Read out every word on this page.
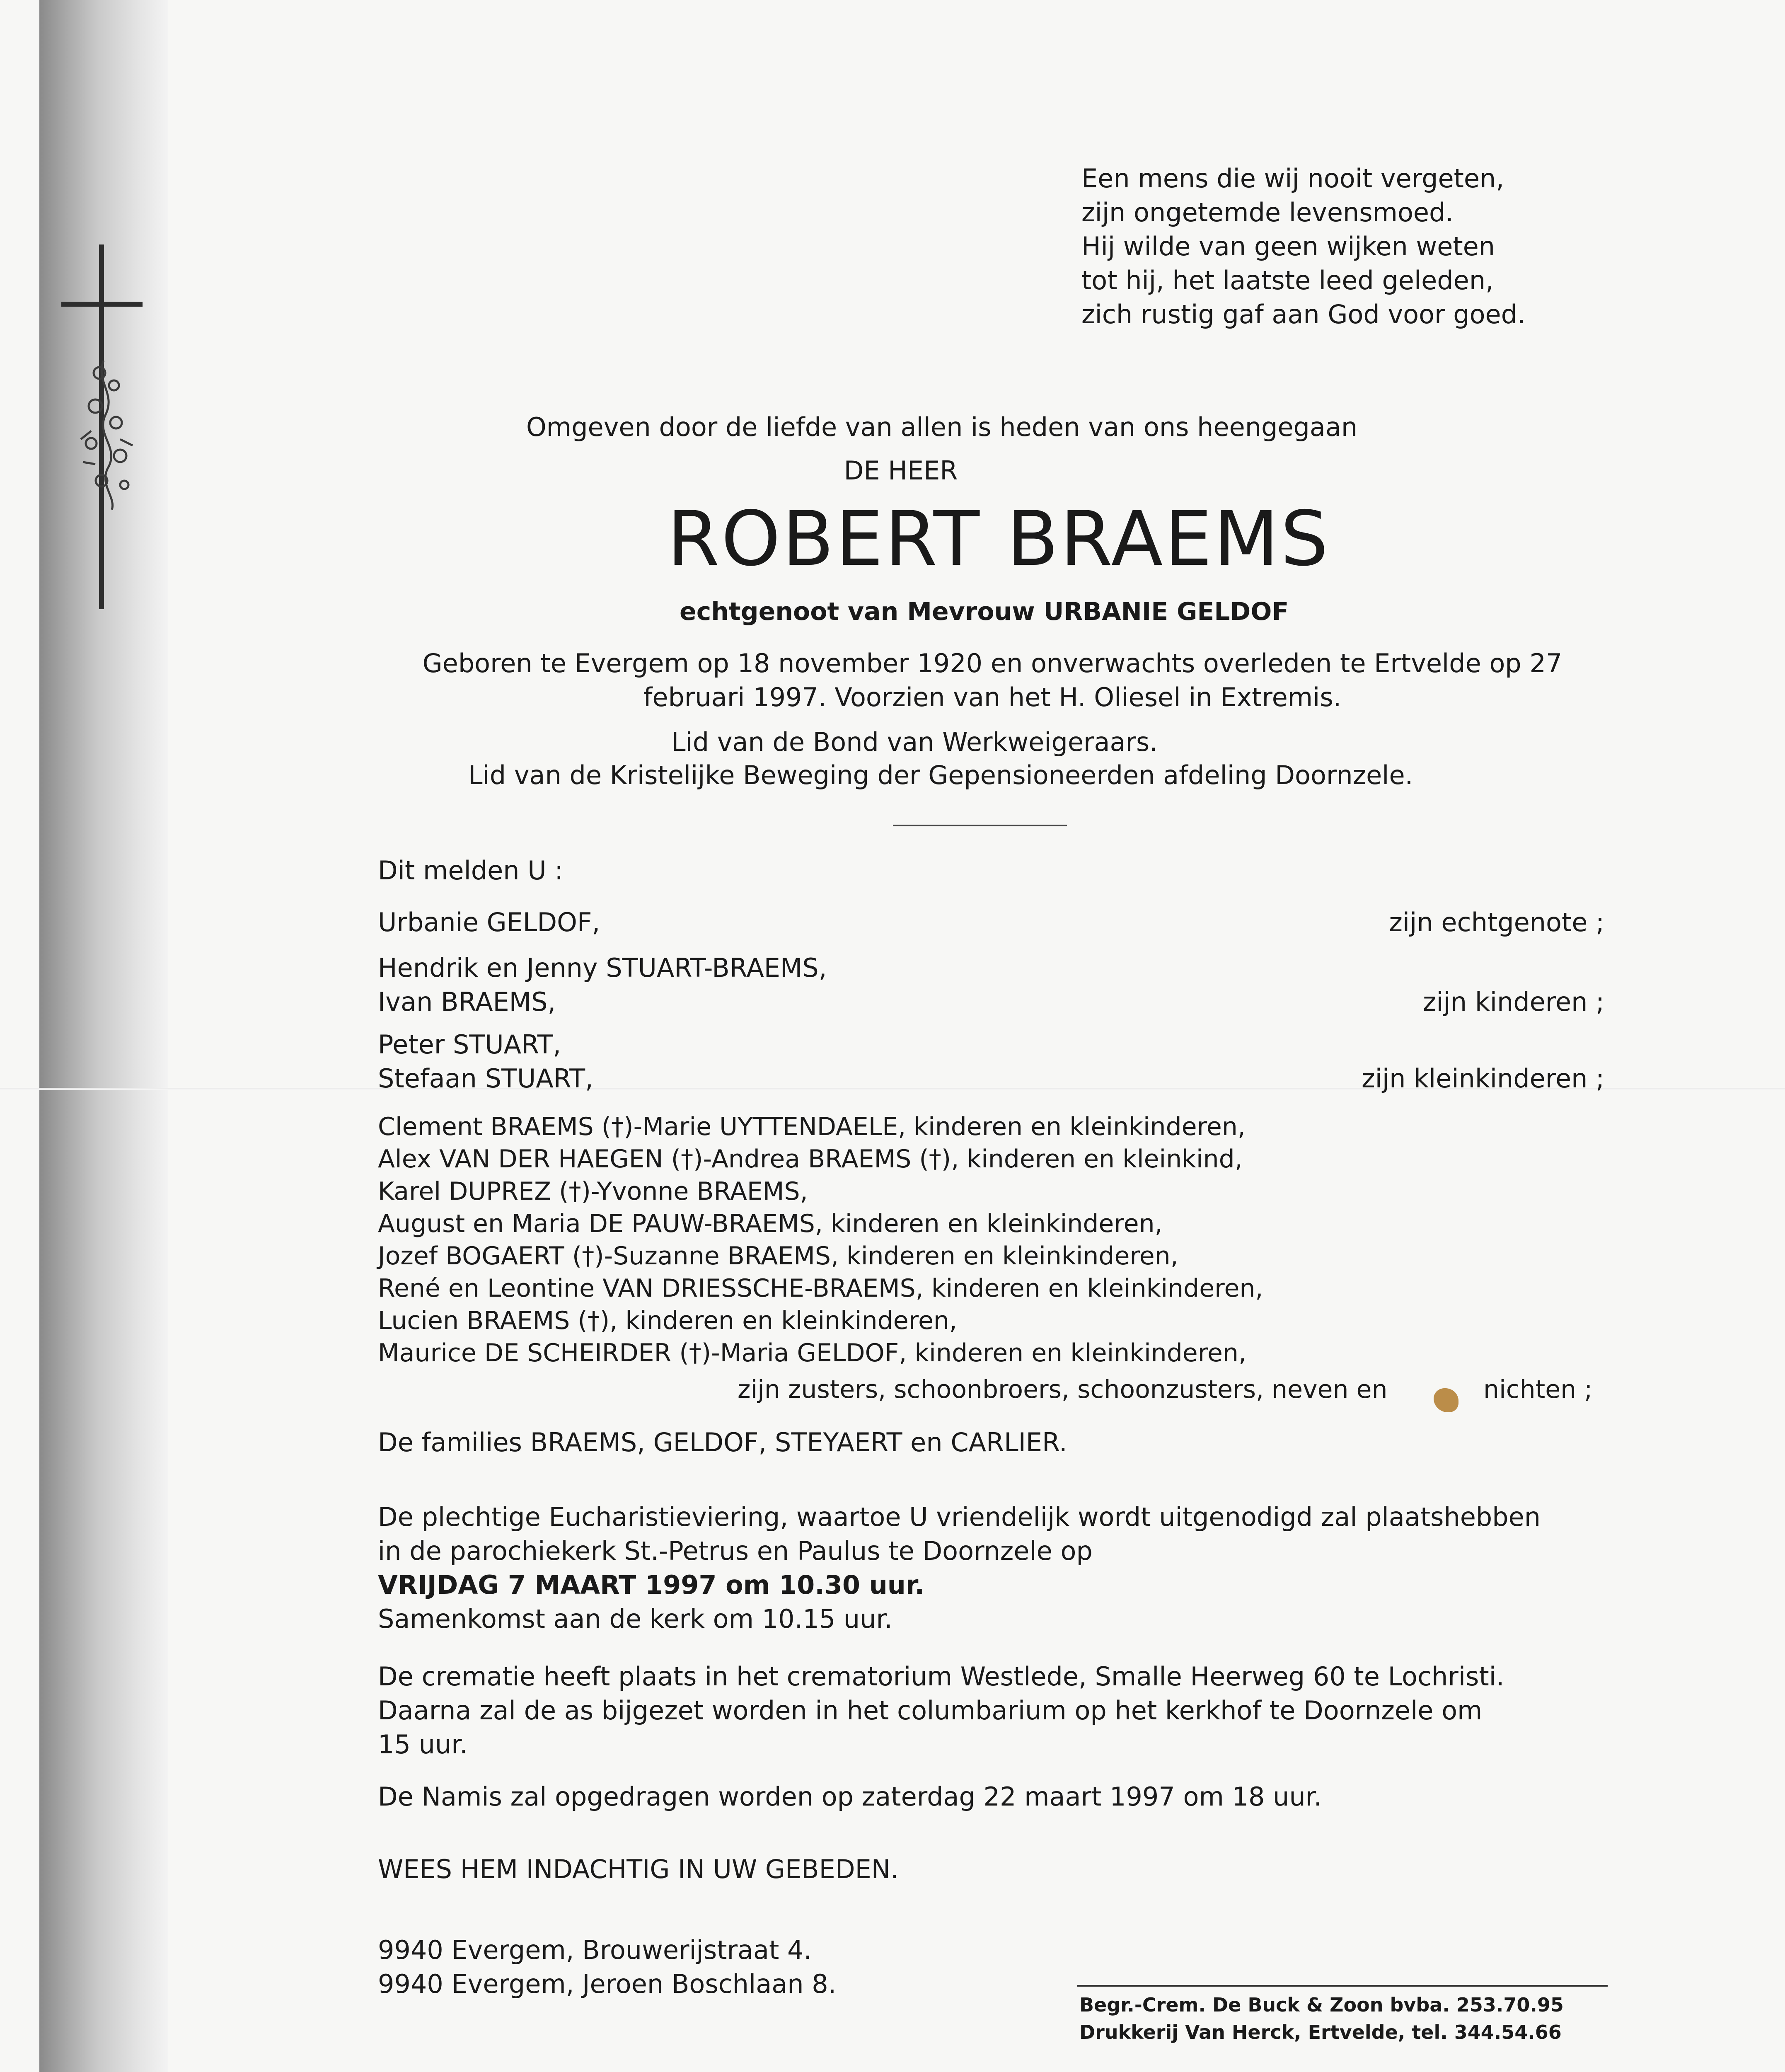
Een mens die wij nooit vergeten,
zijn ongetemde levensmoed.
Hij wilde van geen wijken weten
tot hij, het laatste leed geleden,
zich rustig gaf aan God voor goed.
Omgeven door de liefde van allen is heden van ons heengegaan
DE HEER
ROBERT BRAEMS
echtgenoot van Mevrouw URBANIE GELDOF
Geboren te Evergem op 18 november 1920 en onverwachts overleden te Ertvelde op 27 februari 1997. Voorzien van het H. Oliesel in Extremis.
Lid van de Bond van Werkweigeraars.
Lid van de Kristelijke Beweging der Gepensioneerden afdeling Doornzele.
Dit melden U :
Urbanie GELDOF,	zijn echtgenote ;
Hendrik en Jenny STUART-BRAEMS,
Ivan BRAEMS,	zijn kinderen ;
Peter STUART,
Stefaan STUART,	zijn kleinkinderen ;
Clement BRAEMS (†)-Marie UYTTENDAELE, kinderen en kleinkinderen,
Alex VAN DER HAEGEN (†)-Andrea BRAEMS (†), kinderen en kleinkind,
Karel DUPREZ (†)-Yvonne BRAEMS,
August en Maria DE PAUW-BRAEMS, kinderen en kleinkinderen,
Jozef BOGAERT (†)-Suzanne BRAEMS, kinderen en kleinkinderen,
René en Leontine VAN DRIESSCHE-BRAEMS, kinderen en kleinkinderen,
Lucien BRAEMS (†), kinderen en kleinkinderen,
Maurice DE SCHEIRDER (†)-Maria GELDOF, kinderen en kleinkinderen,
zijn zusters, schoonbroers, schoonzusters, neven en	nichten ;
De families BRAEMS, GELDOF, STEYAERT en CARLIER.
De plechtige Eucharistieviering, waartoe U vriendelijk wordt uitgenodigd zal plaatshebben
in de parochiekerk St.-Petrus en Paulus te Doornzele op
VRIJDAG 7 MAART 1997 om 10.30 uur.
Samenkomst aan de kerk om 10.15 uur.
De crematie heeft plaats in het crematorium Westlede, Smalle Heerweg 60 te Lochristi.
Daarna zal de as bijgezet worden in het columbarium op het kerkhof te Doornzele om
15 uur.
De Namis zal opgedragen worden op zaterdag 22 maart 1997 om 18 uur.
WEES HEM INDACHTIG IN UW GEBEDEN.
9940 Evergem, Brouwerijstraat 4.
9940 Evergem, Jeroen Boschlaan 8.
Begr.-Crem. De Buck & Zoon bvba. 253.70.95
Drukkerij Van Herck, Ertvelde, tel. 344.54.66
